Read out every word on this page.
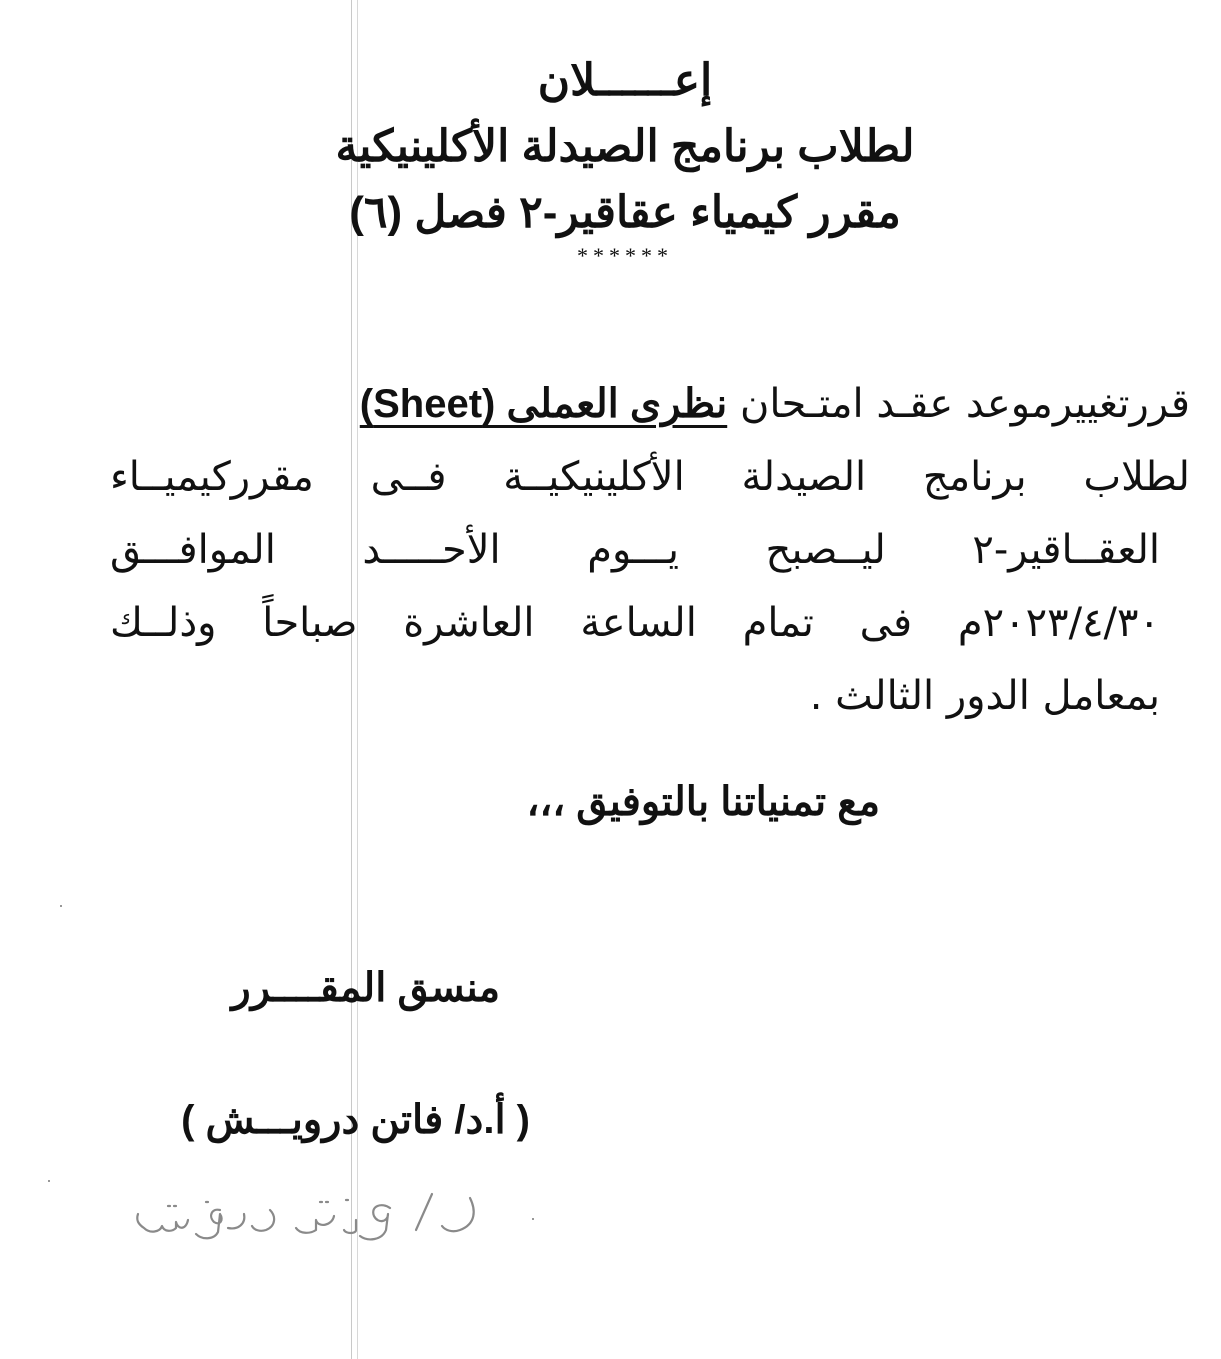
إعــــــلان

لطلاب برنامج الصيدلة الأكلينيكية

مقرر كيمياء عقاقير-٢ فصل (٦)

******

قررتغييرموعد عقـد امتـحان نظرى العملى (Sheet)

لطلاب
برنامج
الصيدلة
الأكلينيكيــة
فــى
مقرركيميــاء

العقــاقير-٢
ليــصبح
يـــوم
الأحـــــد
الموافـــق

٢٠٢٣/٤/٣٠م
فى
تمام
الساعة
العاشرة
صباحاً
وذلــك

بمعامل الدور الثالث .

مع تمنياتنا بالتوفيق ،،،
منسق المقــــرر
( أ.د/ فاتن درويـــش )
